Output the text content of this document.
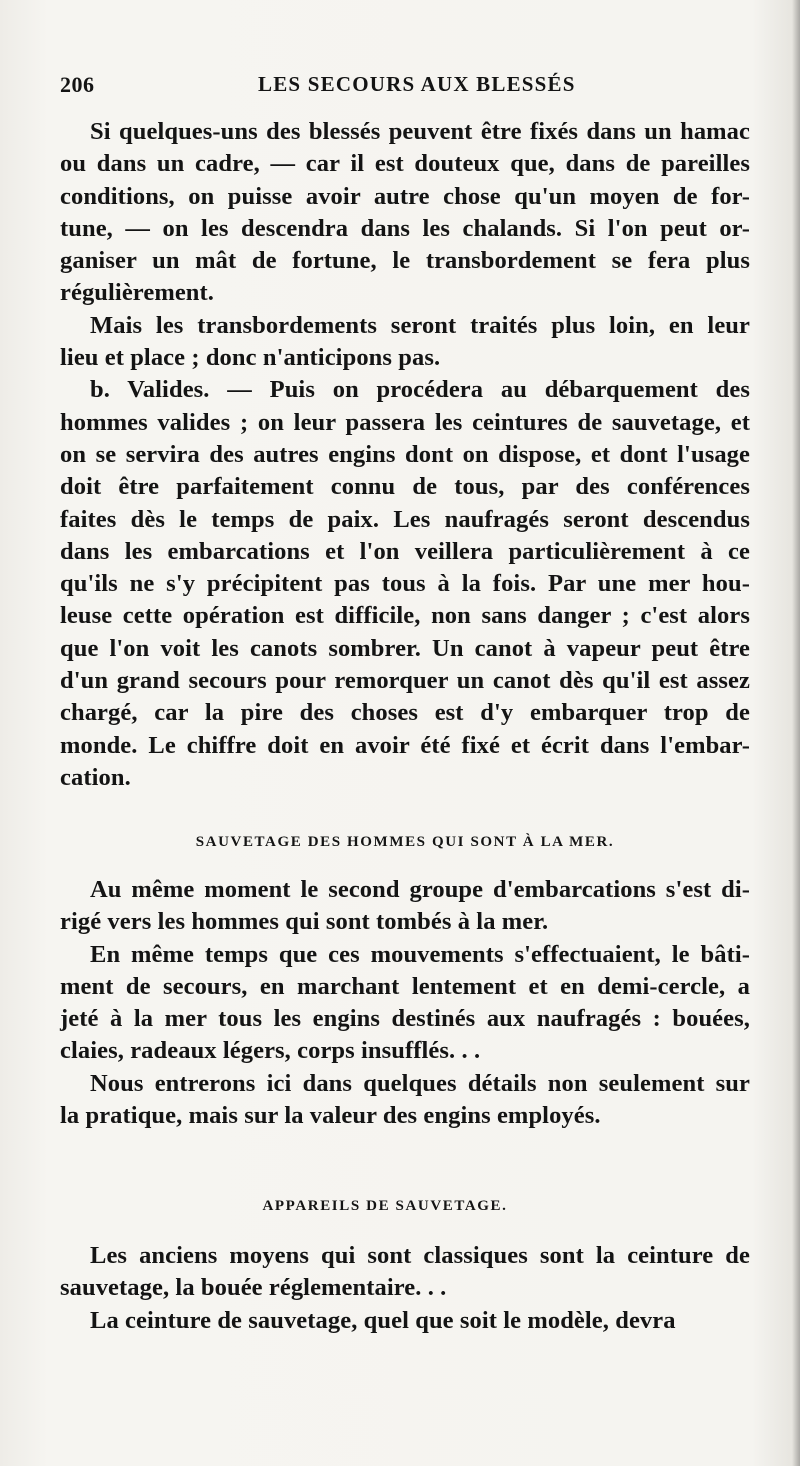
206	LES SECOURS AUX BLESSÉS

Si quelques-uns des blessés peuvent être fixés dans un hamac
ou dans un cadre, — car il est douteux que, dans de pareilles
conditions, on puisse avoir autre chose qu'un moyen de for-
tune, — on les descendra dans les chalands. Si l'on peut or-
ganiser un mât de fortune, le transbordement se fera plus
régulièrement.

Mais les transbordements seront traités plus loin, en leur
lieu et place ; donc n'anticipons pas.

b. Valides. — Puis on procédera au débarquement des
hommes valides ; on leur passera les ceintures de sauvetage, et
on se servira des autres engins dont on dispose, et dont l'usage
doit être parfaitement connu de tous, par des conférences
faites dès le temps de paix. Les naufragés seront descendus
dans les embarcations et l'on veillera particulièrement à ce
qu'ils ne s'y précipitent pas tous à la fois. Par une mer hou-
leuse cette opération est difficile, non sans danger ; c'est alors
que l'on voit les canots sombrer. Un canot à vapeur peut être
d'un grand secours pour remorquer un canot dès qu'il est assez
chargé, car la pire des choses est d'y embarquer trop de
monde. Le chiffre doit en avoir été fixé et écrit dans l'embar-
cation.

SAUVETAGE DES HOMMES QUI SONT À LA MER.

Au même moment le second groupe d'embarcations s'est di-
rigé vers les hommes qui sont tombés à la mer.

En même temps que ces mouvements s'effectuaient, le bâti-
ment de secours, en marchant lentement et en demi-cercle, a
jeté à la mer tous les engins destinés aux naufragés : bouées,
claies, radeaux légers, corps insufflés. . .

Nous entrerons ici dans quelques détails non seulement sur
la pratique, mais sur la valeur des engins employés.

APPAREILS DE SAUVETAGE.

Les anciens moyens qui sont classiques sont la ceinture de
sauvetage, la bouée réglementaire. . .

La ceinture de sauvetage, quel que soit le modèle, devra
